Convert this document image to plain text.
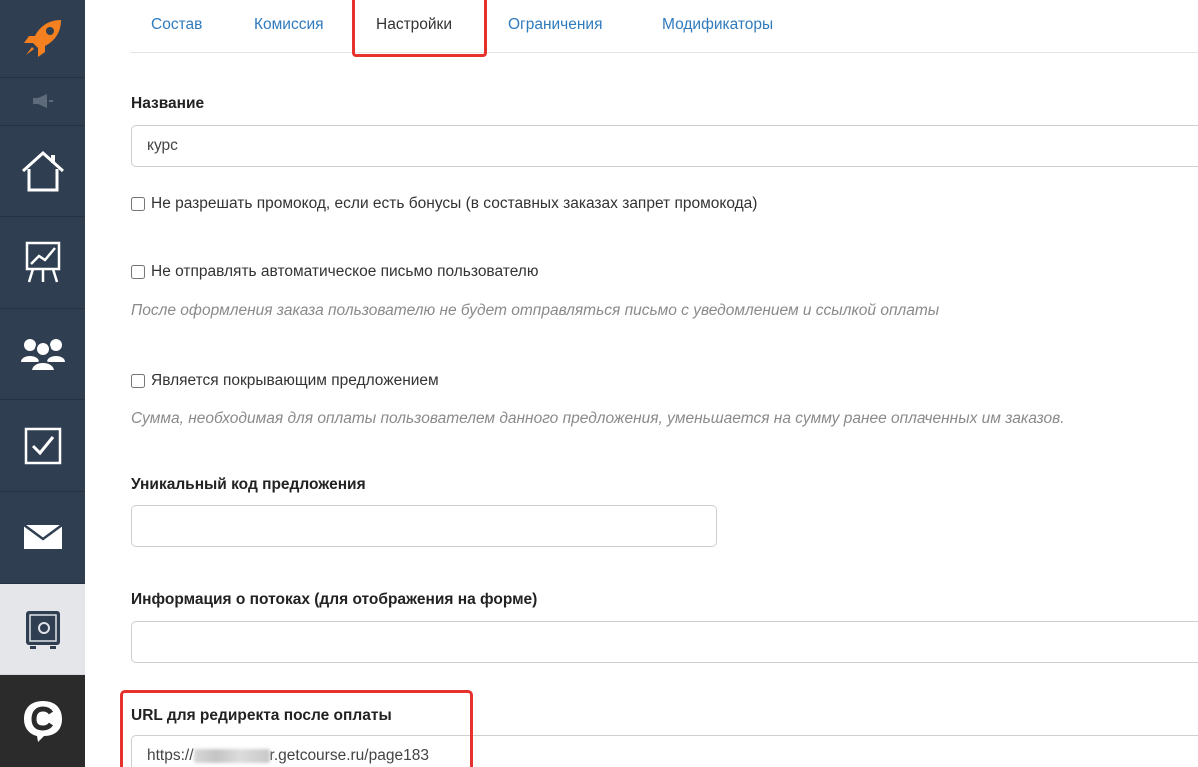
Состав	Комиссия	Настройки	Ограничения	Модификаторы
Название
курс
Не разрешать промокод, если есть бонусы (в составных заказах запрет промокода)
Не отправлять автоматическое письмо пользователю
После оформления заказа пользователю не будет отправляться письмо с уведомлением и ссылкой оплаты
Является покрывающим предложением
Сумма, необходимая для оплаты пользователем данного предложения, уменьшается на сумму ранее оплаченных им заказов.
Уникальный код предложения
Информация о потоках (для отображения на форме)
URL для редиректа после оплаты
https://	r.getcourse.ru/page183
